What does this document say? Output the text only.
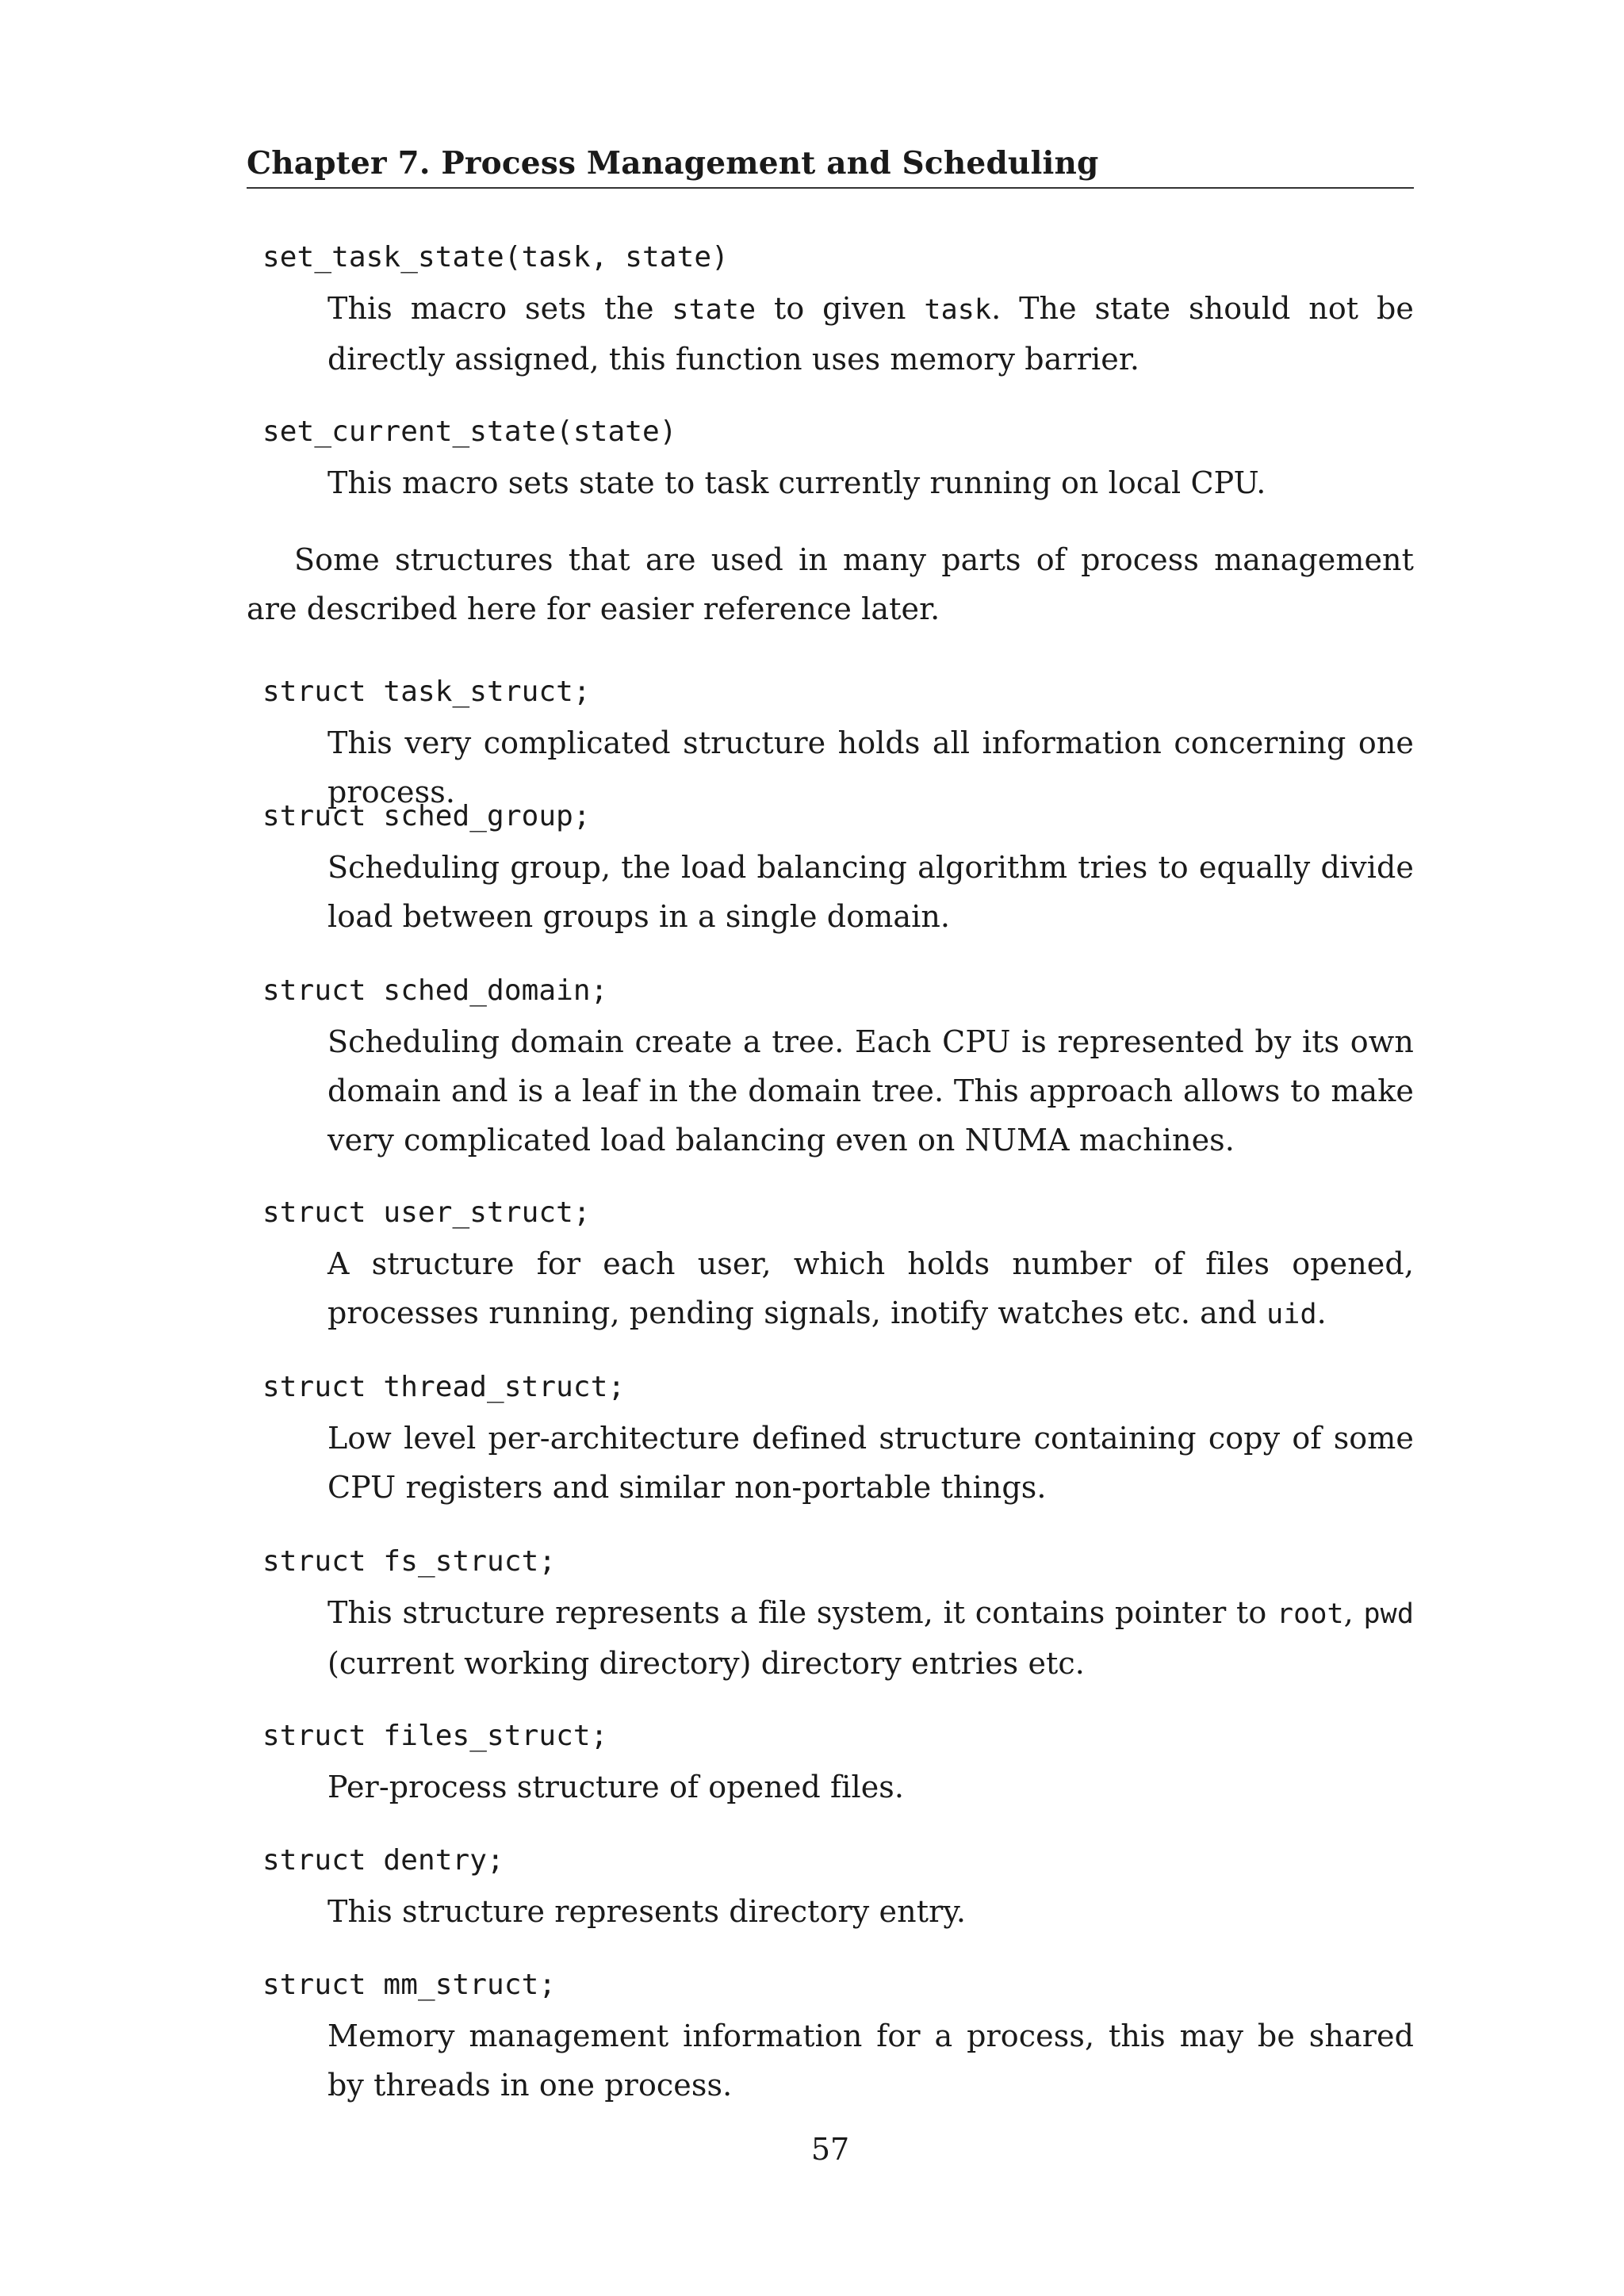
Chapter 7. Process Management and Scheduling
set_task_state(task, state)
This macro sets the state to given task. The state should not be directly assigned, this function uses memory barrier.
set_current_state(state)
This macro sets state to task currently running on local CPU.
Some structures that are used in many parts of process management are described here for easier reference later.
struct task_struct;
This very complicated structure holds all information concerning one process.
struct sched_group;
Scheduling group, the load balancing algorithm tries to equally divide load between groups in a single domain.
struct sched_domain;
Scheduling domain create a tree. Each CPU is represented by its own domain and is a leaf in the domain tree. This approach allows to make very complicated load balancing even on NUMA machines.
struct user_struct;
A structure for each user, which holds number of files opened, processes running, pending signals, inotify watches etc. and uid.
struct thread_struct;
Low level per-architecture defined structure containing copy of some CPU registers and similar non-portable things.
struct fs_struct;
This structure represents a file system, it contains pointer to root, pwd (current working directory) directory entries etc.
struct files_struct;
Per-process structure of opened files.
struct dentry;
This structure represents directory entry.
struct mm_struct;
Memory management information for a process, this may be shared by threads in one process.
57
